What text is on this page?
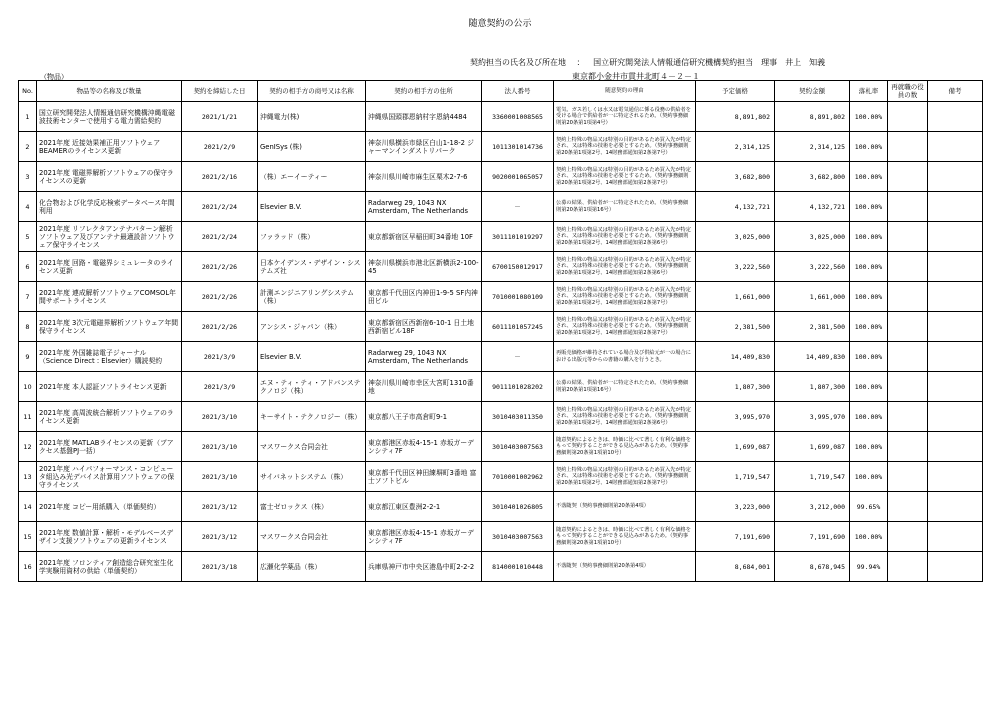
随意契約の公示
契約担当の氏名及び所在地 ： 国立研究開発法人情報通信研究機構契約担当　理事　井上　知義
東京都小金井市貫井北町４－２－１
（物品）
No.	物品等の名称及び数量	契約を締結した日	契約の相手方の商号又は名称	契約の相手方の住所	法人番号	随意契約の理由	予定価格	契約金額	落札率	再就職の役員の数	備考
1	国立研究開発法人情報通信研究機構沖縄電磁波技術センターで使用する電力需給契約	2021/1/21	沖縄電力(株)	沖縄県国頭郡恩納村字恩納4484	3360001008565	電気、ガス若しくは水又は電気通信に係る役務の供給者を受ける場合で供給者が一に特定されるため。（契約事務細則第20条第1項第4号）	8,891,802	8,891,802	100.00%		
2	2021年度 近接効果補正用ソフトウェアBEAMERのライセンス更新	2021/2/9	GenISys (株)	神奈川県横浜市緑区白山1-18-2 ジャーマンインダストリパーク	1011301014736	契約上特殊の物品又は特別の目的があるため買入先が特定され、又は特殊の技術を必要とするため。（契約事務細則第20条第1項第2号、14財務部通知第2条第7号）	2,314,125	2,314,125	100.00%		
3	2021年度 電磁界解析ソフトウェアの保守ライセンスの更新	2021/2/16	（株）エーイーティー	神奈川県川崎市麻生区栗木2-7-6	9020001065057	契約上特殊の物品又は特別の目的があるため買入先が特定され、又は特殊の技術を必要とするため。（契約事務細則第20条第1項第2号、14財務部通知第2条第7号）	3,682,800	3,682,800	100.00%		
4	化合物および化学反応検索データベース年間利用	2021/2/24	Elsevier B.V.	Radarweg 29, 1043 NX Amsterdam, The Netherlands	－	公募の結果、供給者が一に特定されたため。（契約事務細則第20条第1項第16号）	4,132,721	4,132,721	100.00%		
5	2021年度 リフレクタアンテナパターン解析ソフトウェア及びアンテナ最適設計ソフトウェア保守ライセンス	2021/2/24	ファラッド（株）	東京都新宿区早稲田町34番地 10F	3011101019297	契約上特殊の物品又は特別の目的があるため買入先が特定され、又は特殊の技術を必要とするため。（契約事務細則第20条第1項第2号、14財務部通知第2条第6号）	3,025,000	3,025,000	100.00%		
6	2021年度 回路・電磁界シミュレータのライセンス更新	2021/2/26	日本ケイデンス・デザイン・システムズ社	神奈川県横浜市港北区新横浜2-100-45	6700150012917	契約上特殊の物品又は特別の目的があるため買入先が特定され、又は特殊の技術を必要とするため。（契約事務細則第20条第1項第2号、14財務部通知第2条第6号）	3,222,560	3,222,560	100.00%		
7	2021年度 連成解析ソフトウェアCOMSOL年間サポートライセンス	2021/2/26	計測エンジニアリングシステム（株）	東京都千代田区内神田1-9-5 SF内神田ビル	7010001080109	契約上特殊の物品又は特別の目的があるため買入先が特定され、又は特殊の技術を必要とするため。（契約事務細則第20条第1項第2号、14財務部通知第2条第7号）	1,661,000	1,661,000	100.00%		
8	2021年度 3次元電磁界解析ソフトウェア年間保守ライセンス	2021/2/26	アンシス・ジャパン（株）	東京都新宿区西新宿6-10-1 日土地西新宿ビル18F	6011101057245	契約上特殊の物品又は特別の目的があるため買入先が特定され、又は特殊の技術を必要とするため。（契約事務細則第20条第1項第2号、14財務部通知第2条第7号）	2,381,500	2,381,500	100.00%		
9	2021年度 外国雑誌電子ジャーナル（Science Direct : Elsevier）購読契約	2021/3/9	Elsevier B.V.	Radarweg 29, 1043 NX Amsterdam, The Netherlands	－	再販売価格が維持されている場合及び供給元が一の場合における出版元等からの書籍の購入を行うとき。	14,409,830	14,409,830	100.00%		
10	2021年度 本人認証ソフトライセンス更新	2021/3/9	エヌ・ティ・ティ・アドバンステクノロジ（株）	神奈川県川崎市幸区大宮町1310番地	9011101028202	公募の結果、供給者が一に特定されたため。（契約事務細則第20条第1項第16号）	1,807,300	1,807,300	100.00%		
11	2021年度 高周波統合解析ソフトウェアのライセンス更新	2021/3/10	キーサイト・テクノロジー（株）	東京都八王子市高倉町9-1	3010403011350	契約上特殊の物品又は特別の目的があるため買入先が特定され、又は特殊の技術を必要とするため。（契約事務細則第20条第1項第2号、14財務部通知第2条第6号）	3,995,970	3,995,970	100.00%		
12	2021年度 MATLABライセンスの更新（ブアクセス基盤PJ一括）	2021/3/10	マスワークス合同会社	東京都港区赤坂4-15-1 赤坂ガーデンシティ7F	3010403007563	随意契約によるときは、時価に比べて著しく有利な価格をもって契約することができる見込みがあるため。（契約事務細則第20条第1項第10号）	1,699,087	1,699,087	100.00%		
13	2021年度 ハイパフォーマンス・コンピュータ組込み光デバイス計算用ソフトウェアの保守ライセンス	2021/3/10	サイバネットシステム（株）	東京都千代田区神田練塀町3番地 富士ソフトビル	7010001002962	契約上特殊の物品又は特別の目的があるため買入先が特定され、又は特殊の技術を必要とするため。（契約事務細則第20条第1項第2号、14財務部通知第2条第7号）	1,719,547	1,719,547	100.00%		
14	2021年度 コピー用紙購入（単価契約）	2021/3/12	富士ゼロックス（株）	東京都江東区豊洲2-2-1	3010401026805	不落随契（契約事務細則第20条第4項）	3,223,000	3,212,000	99.65%		
15	2021年度 数値計算・解析・モデルベースデザイン支援ソフトウェアの更新ライセンス	2021/3/12	マスワークス合同会社	東京都港区赤坂4-15-1 赤坂ガーデンシティ7F	3010403007563	随意契約によるときは、時価に比べて著しく有利な価格をもって契約することができる見込みがあるため。（契約事務細則第20条第1項第10号）	7,191,690	7,191,690	100.00%		
16	2021年度 フロンティア創造総合研究室生化学実験用資材の供給（単価契約）	2021/3/18	広瀬化学薬品（株）	兵庫県神戸市中央区港島中町2-2-2	8140001010448	不落随契（契約事務細則第20条第4項）	8,684,001	8,678,945	99.94%		
